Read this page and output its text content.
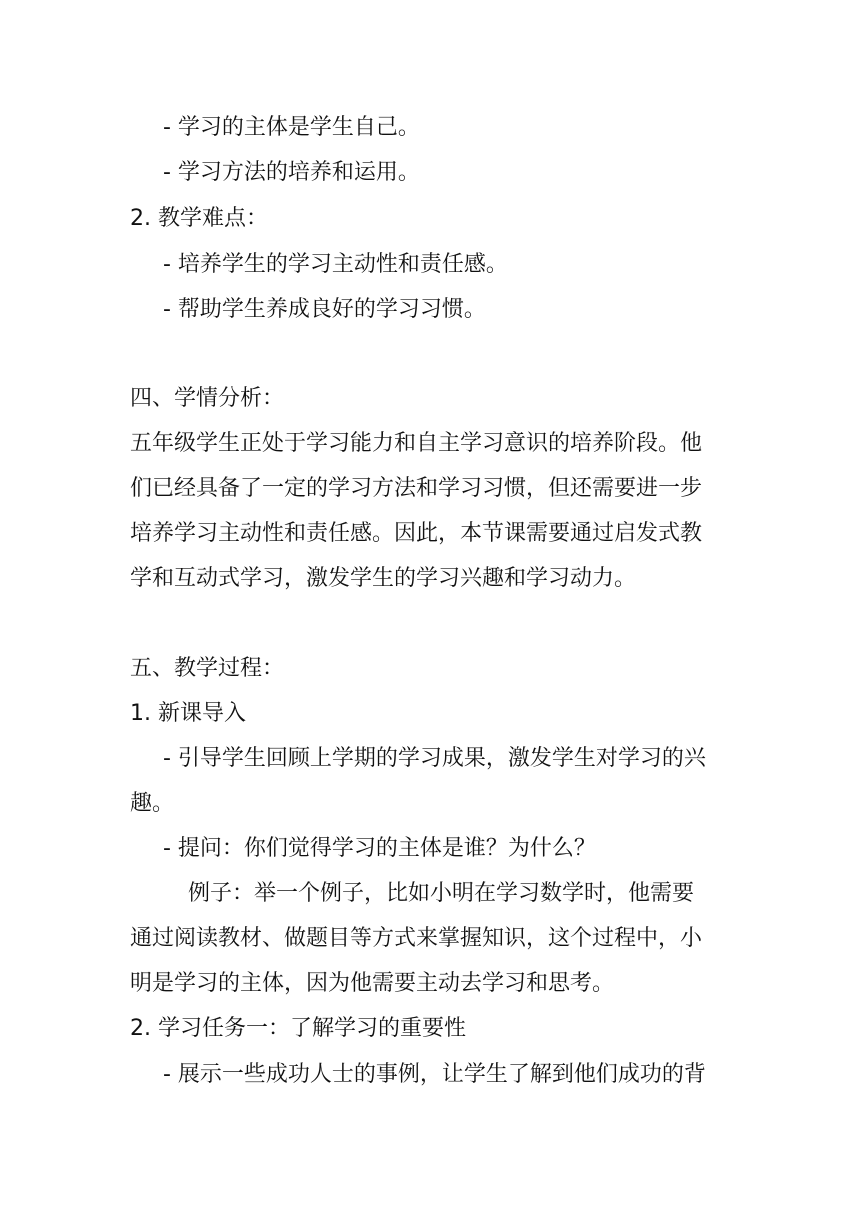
- 学习的主体是学生自己。
- 学习方法的培养和运用。
2. 教学难点：
- 培养学生的学习主动性和责任感。
- 帮助学生养成良好的学习习惯。
四、学情分析：
五年级学生正处于学习能力和自主学习意识的培养阶段。他
们已经具备了一定的学习方法和学习习惯，但还需要进一步
培养学习主动性和责任感。因此，本节课需要通过启发式教
学和互动式学习，激发学生的学习兴趣和学习动力。
五、教学过程：
1. 新课导入
- 引导学生回顾上学期的学习成果，激发学生对学习的兴
趣。
- 提问：你们觉得学习的主体是谁？为什么？
例子：举一个例子，比如小明在学习数学时，他需要
通过阅读教材、做题目等方式来掌握知识，这个过程中，小
明是学习的主体，因为他需要主动去学习和思考。
2. 学习任务一：了解学习的重要性
- 展示一些成功人士的事例，让学生了解到他们成功的背
